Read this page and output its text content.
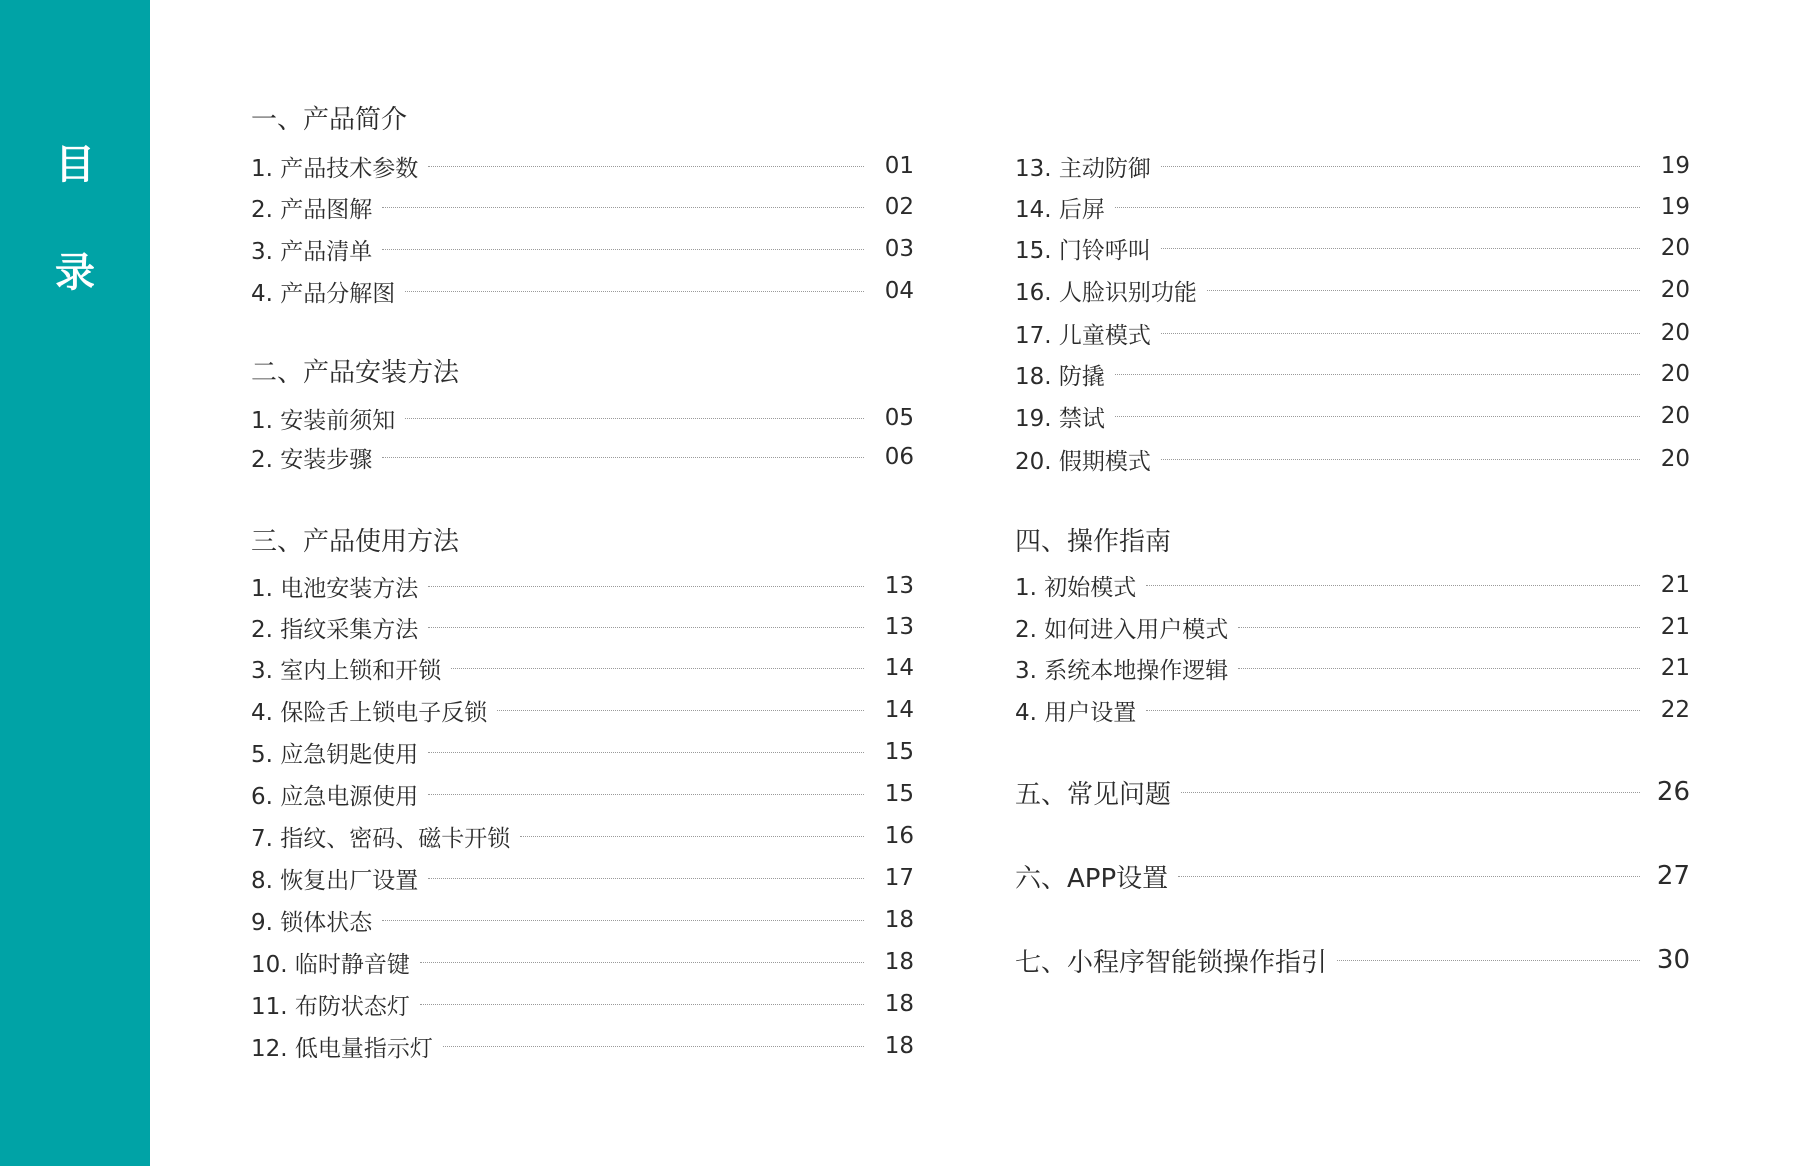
目
录
一、产品简介
1. 产品技术参数	01
2. 产品图解	02
3. 产品清单	03
4. 产品分解图	04
二、产品安装方法
1. 安装前须知	05
2. 安装步骤	06
三、产品使用方法
1. 电池安装方法	13
2. 指纹采集方法	13
3. 室内上锁和开锁	14
4. 保险舌上锁电子反锁	14
5. 应急钥匙使用	15
6. 应急电源使用	15
7. 指纹、密码、磁卡开锁	16
8. 恢复出厂设置	17
9. 锁体状态	18
10. 临时静音键	18
11. 布防状态灯	18
12. 低电量指示灯	18
13. 主动防御	19
14. 后屏	19
15. 门铃呼叫	20
16. 人脸识别功能	20
17. 儿童模式	20
18. 防撬	20
19. 禁试	20
20. 假期模式	20
四、操作指南
1. 初始模式	21
2. 如何进入用户模式	21
3. 系统本地操作逻辑	21
4. 用户设置	22
五、常见问题	26
六、APP设置	27
七、小程序智能锁操作指引	30
